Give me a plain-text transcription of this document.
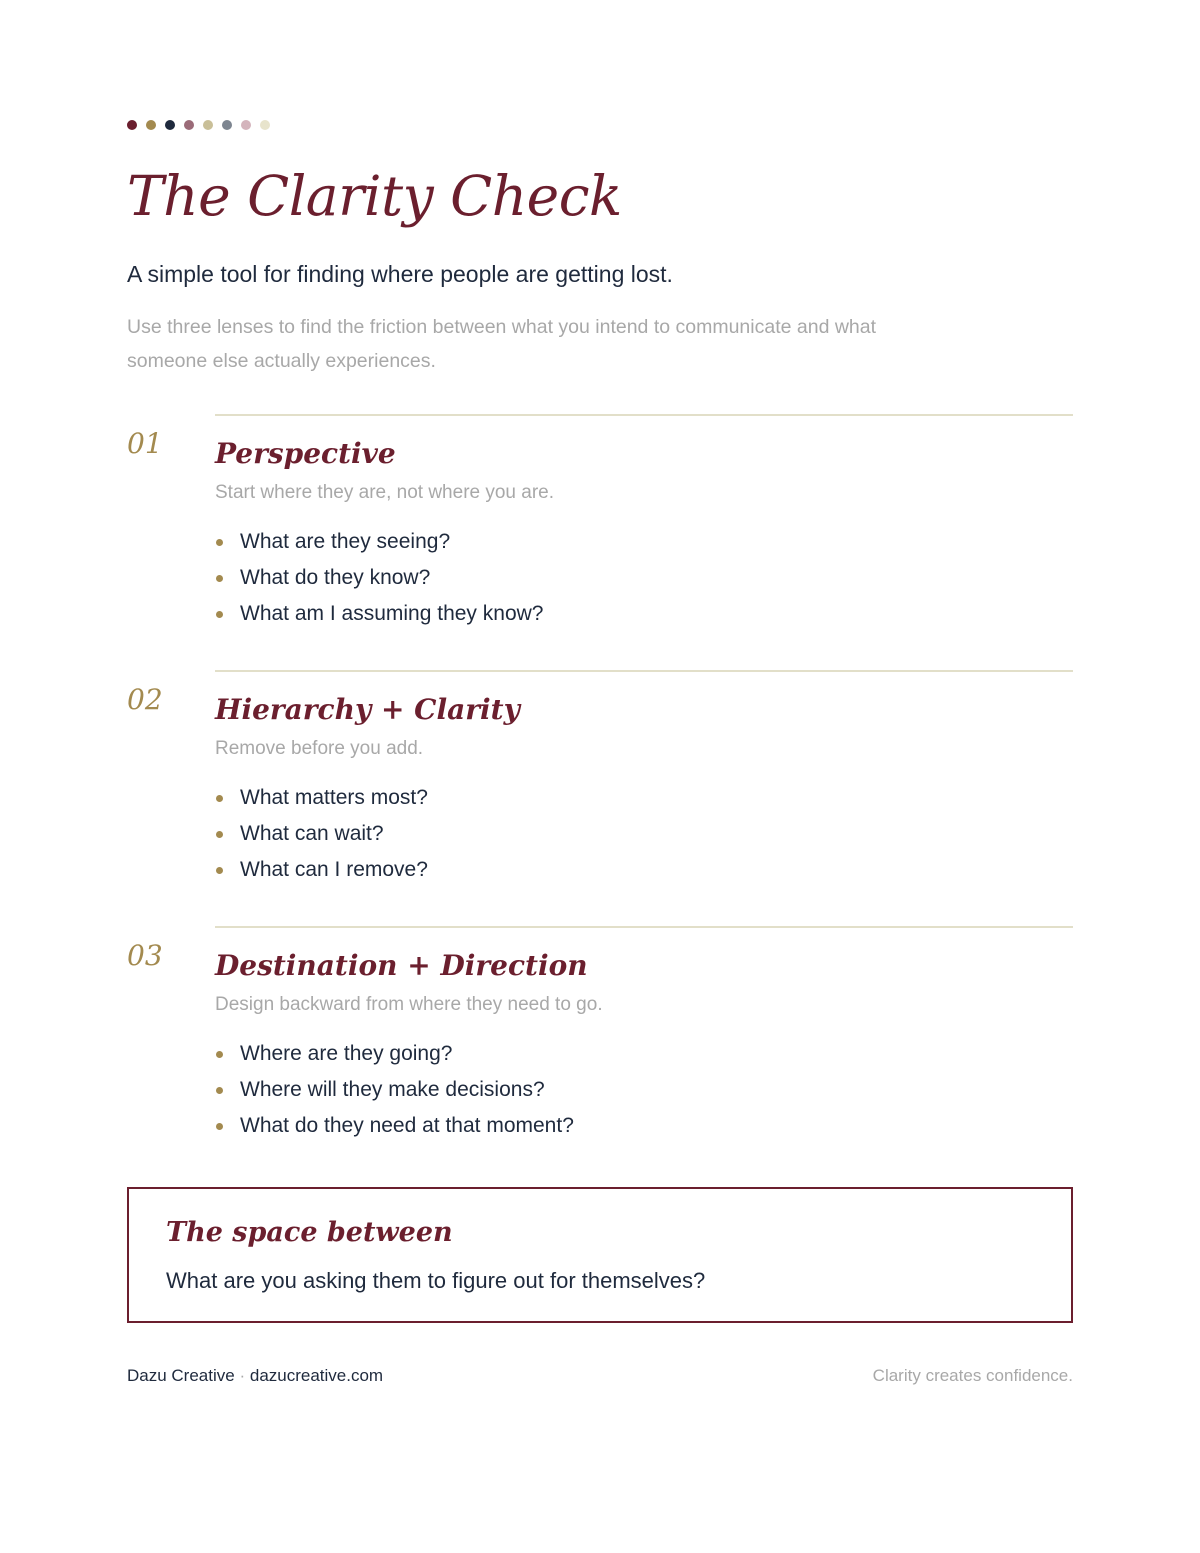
The Clarity Check

A simple tool for finding where people are getting lost.

Use three lenses to find the friction between what you intend to communicate and what someone else actually experiences.

01 Perspective

Start where they are, not where you are.

What are they seeing?
What do they know?
What am I assuming they know?
02 Hierarchy + Clarity

Remove before you add.

What matters most?
What can wait?
What can I remove?
03 Destination + Direction

Design backward from where they need to go.

Where are they going?
Where will they make decisions?
What do they need at that moment?
The space between

What are you asking them to figure out for themselves?

Dazu Creative · dazucreative.com	Clarity creates confidence.
